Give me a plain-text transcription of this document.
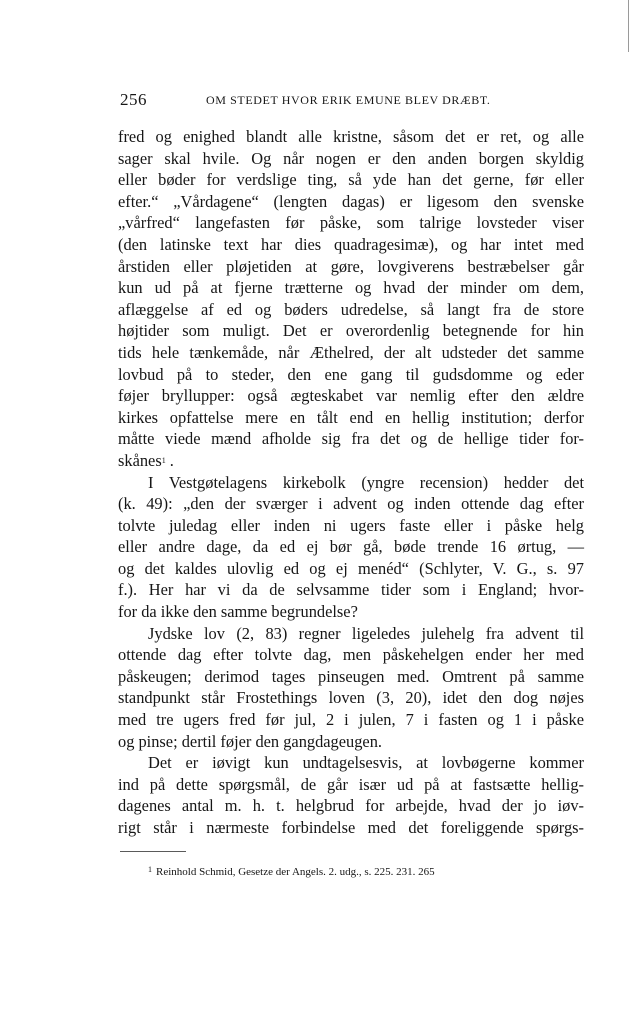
256	OM STEDET HVOR ERIK EMUNE BLEV DRÆBT.
fred og enighed blandt alle kristne, såsom det er ret, og alle
sager skal hvile. Og når nogen er den anden borgen skyldig
eller bøder for verdslige ting, så yde han det gerne, før eller
efter.“ „Vårdagene“ (lengten dagas) er ligesom den svenske
„vårfred“ langefasten før påske, som talrige lovsteder viser
(den latinske text har dies quadragesimæ), og har intet med
årstiden eller pløjetiden at gøre, lovgiverens bestræbelser går
kun ud på at fjerne trætterne og hvad der minder om dem,
aflæggelse af ed og bøders udredelse, så langt fra de store
højtider som muligt. Det er overordenlig betegnende for hin
tids hele tænkemåde, når Æthelred, der alt udsteder det samme
lovbud på to steder, den ene gang til gudsdomme og eder
føjer bryllupper: også ægteskabet var nemlig efter den ældre
kirkes opfattelse mere en tålt end en hellig institution; derfor
måtte viede mænd afholde sig fra det og de hellige tider for-
skånes$^1$ .
I Vestgøtelagens kirkebolk (yngre recension) hedder det
(k. 49): „den der sværger i advent og inden ottende dag efter
tolvte juledag eller inden ni ugers faste eller i påske helg
eller andre dage, da ed ej bør gå, bøde trende 16 ørtug, —
og det kaldes ulovlig ed og ej menéd“ (Schlyter, V. G., s. 97
f.). Her har vi da de selvsamme tider som i England; hvor-
for da ikke den samme begrundelse?
Jydske lov (2, 83) regner ligeledes julehelg fra advent til
ottende dag efter tolvte dag, men påskehelgen ender her med
påskeugen; derimod tages pinseugen med. Omtrent på samme
standpunkt står Frostethings loven (3, 20), idet den dog nøjes
med tre ugers fred før jul, 2 i julen, 7 i fasten og 1 i påske
og pinse; dertil føjer den gangdageugen.
Det er iøvigt kun undtagelsesvis, at lovbøgerne kommer
ind på dette spørgsmål, de går især ud på at fastsætte hellig-
dagenes antal m. h. t. helgbrud for arbejde, hvad der jo iøv-
rigt står i nærmeste forbindelse med det foreliggende spørgs-
$^1$ Reinhold Schmid, Gesetze der Angels. 2. udg., s. 225. 231. 265
